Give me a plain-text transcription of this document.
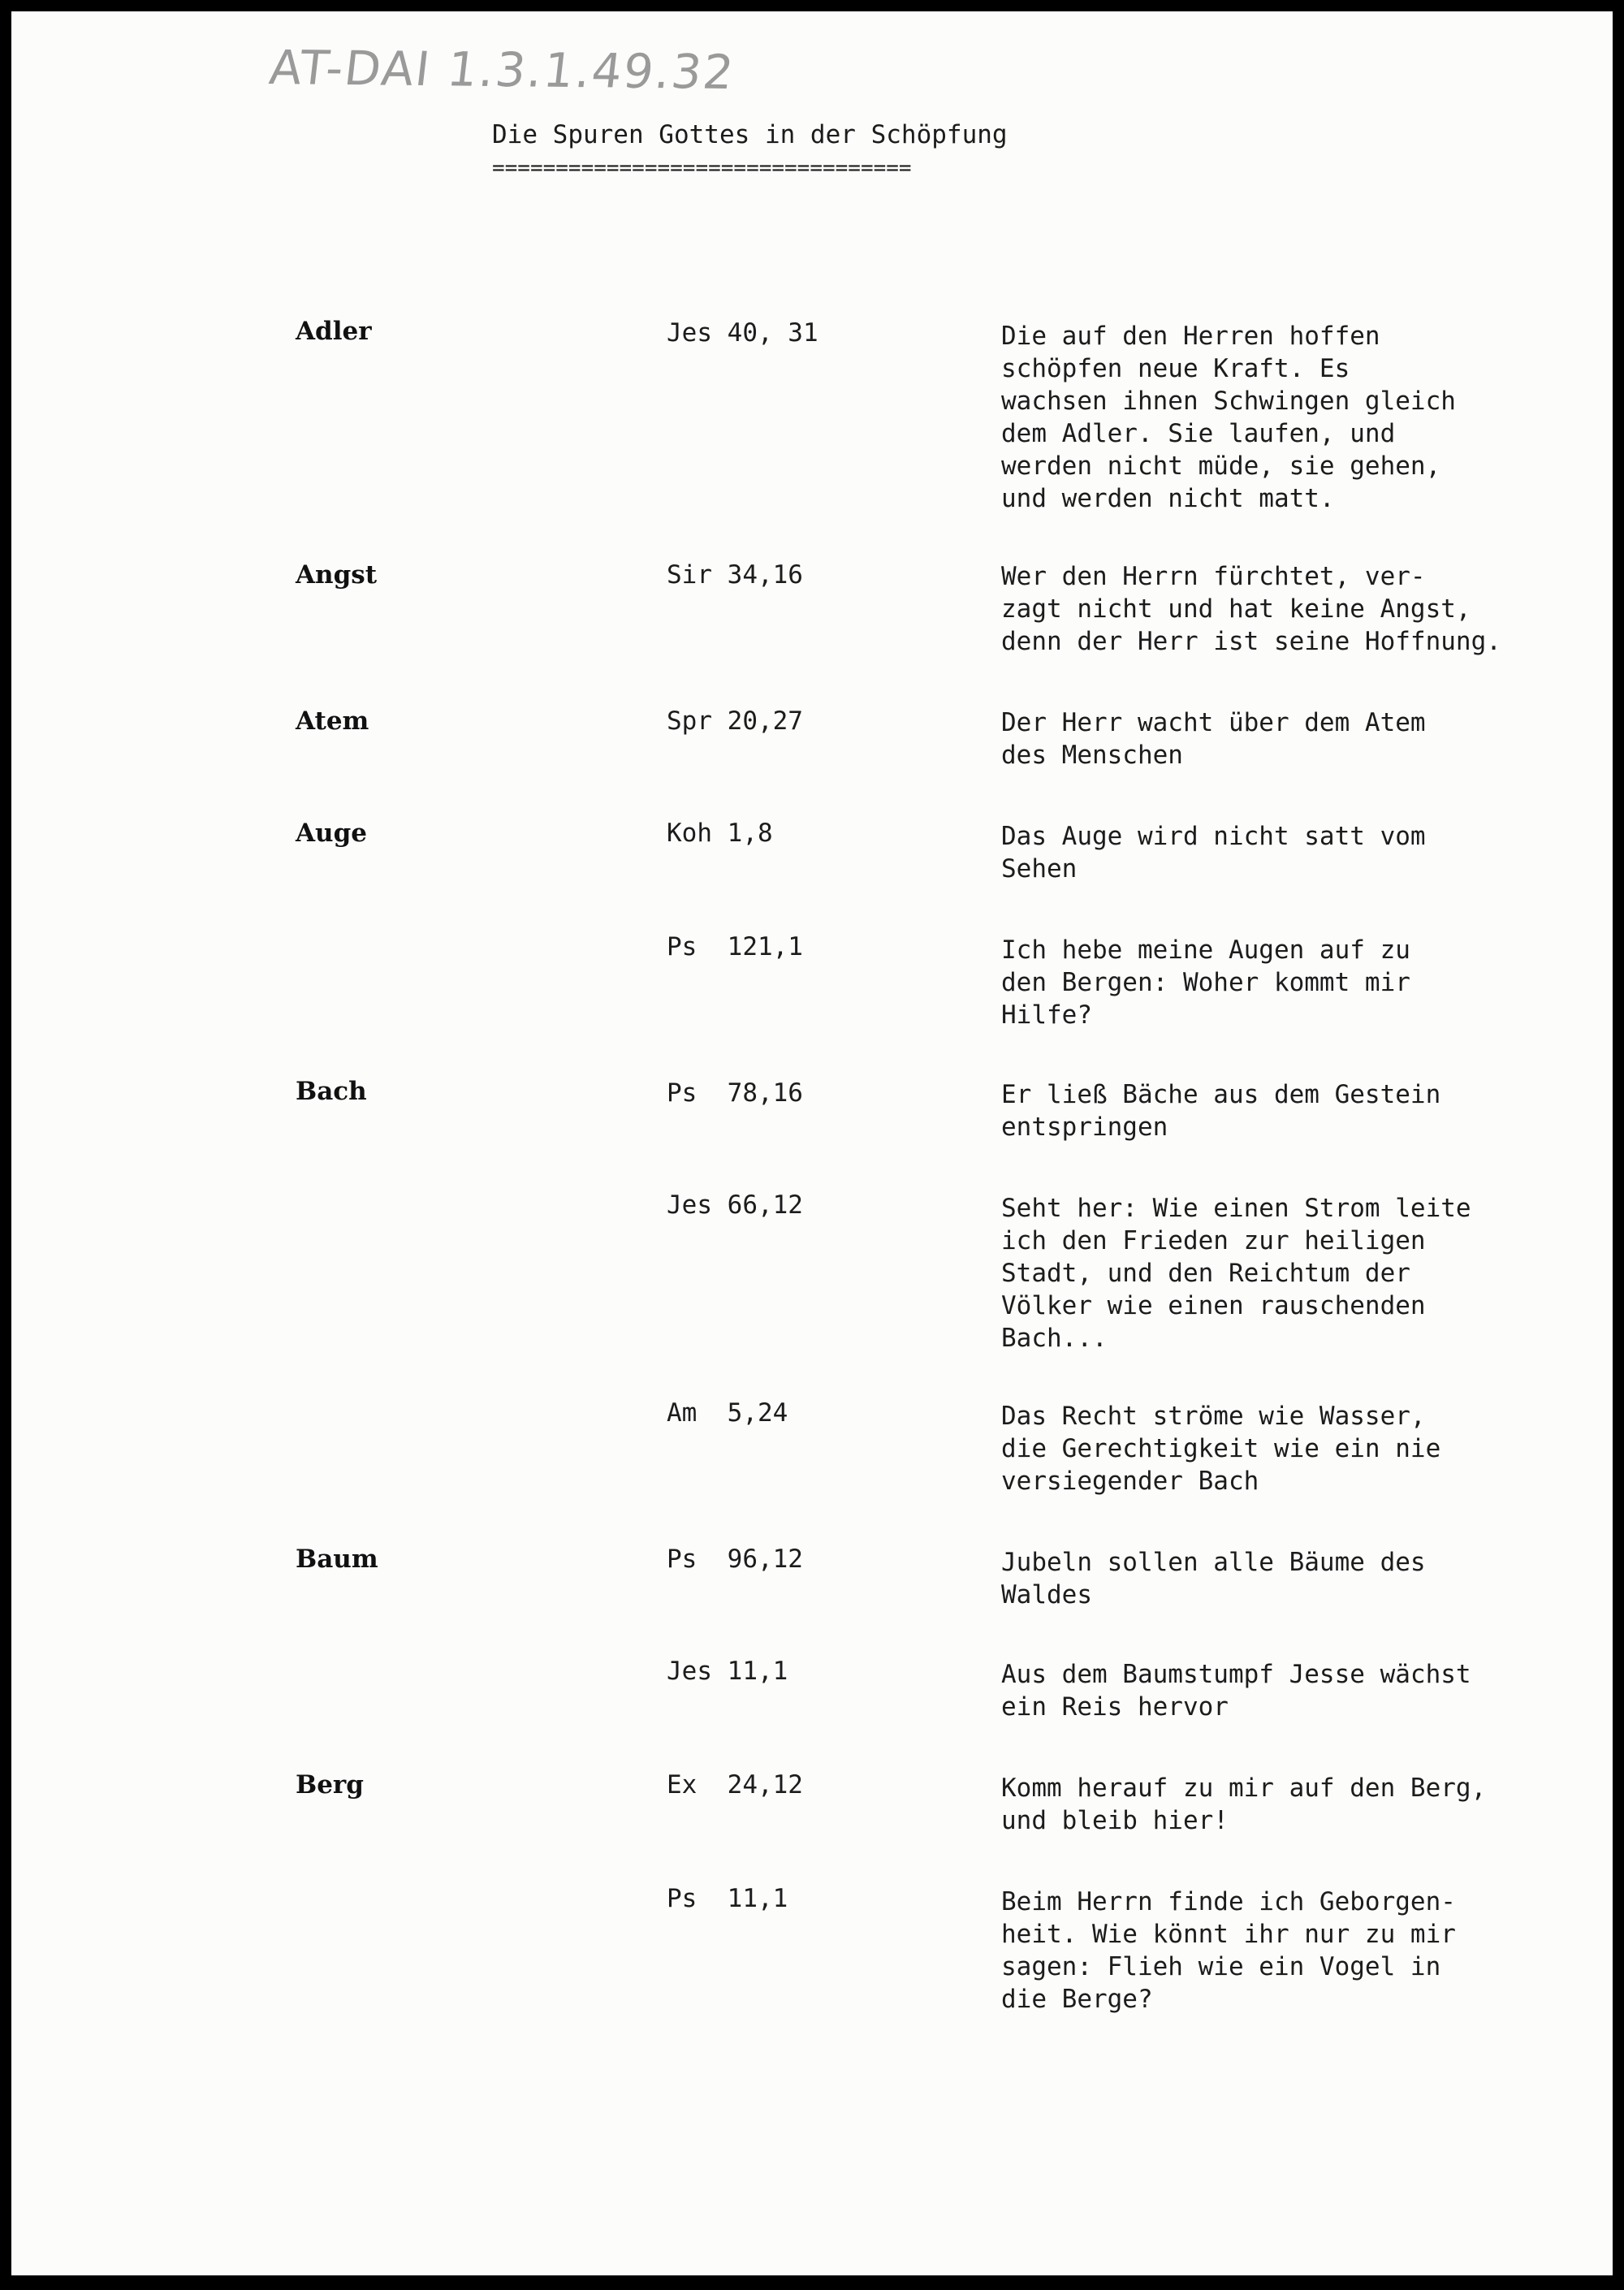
AT-DAI 1.3.1.49.32
Die Spuren Gottes in der Schöpfung
=================================
Adler	Jes 40, 31	Die auf den Herren hoffen
schöpfen neue Kraft. Es
wachsen ihnen Schwingen gleich
dem Adler. Sie laufen, und
werden nicht müde, sie gehen,
und werden nicht matt.
Angst	Sir 34,16	Wer den Herrn fürchtet, ver-
zagt nicht und hat keine Angst,
denn der Herr ist seine Hoffnung.
Atem	Spr 20,27	Der Herr wacht über dem Atem
des Menschen
Auge	Koh 1,8	Das Auge wird nicht satt vom
Sehen
Ps  121,1	Ich hebe meine Augen auf zu
den Bergen: Woher kommt mir
Hilfe?
Bach	Ps  78,16	Er ließ Bäche aus dem Gestein
entspringen
Jes 66,12	Seht her: Wie einen Strom leite
ich den Frieden zur heiligen
Stadt, und den Reichtum der
Völker wie einen rauschenden
Bach...
Am  5,24	Das Recht ströme wie Wasser,
die Gerechtigkeit wie ein nie
versiegender Bach
Baum	Ps  96,12	Jubeln sollen alle Bäume des
Waldes
Jes 11,1	Aus dem Baumstumpf Jesse wächst
ein Reis hervor
Berg	Ex  24,12	Komm herauf zu mir auf den Berg,
und bleib hier!
Ps  11,1	Beim Herrn finde ich Geborgen-
heit. Wie könnt ihr nur zu mir
sagen: Flieh wie ein Vogel in
die Berge?
